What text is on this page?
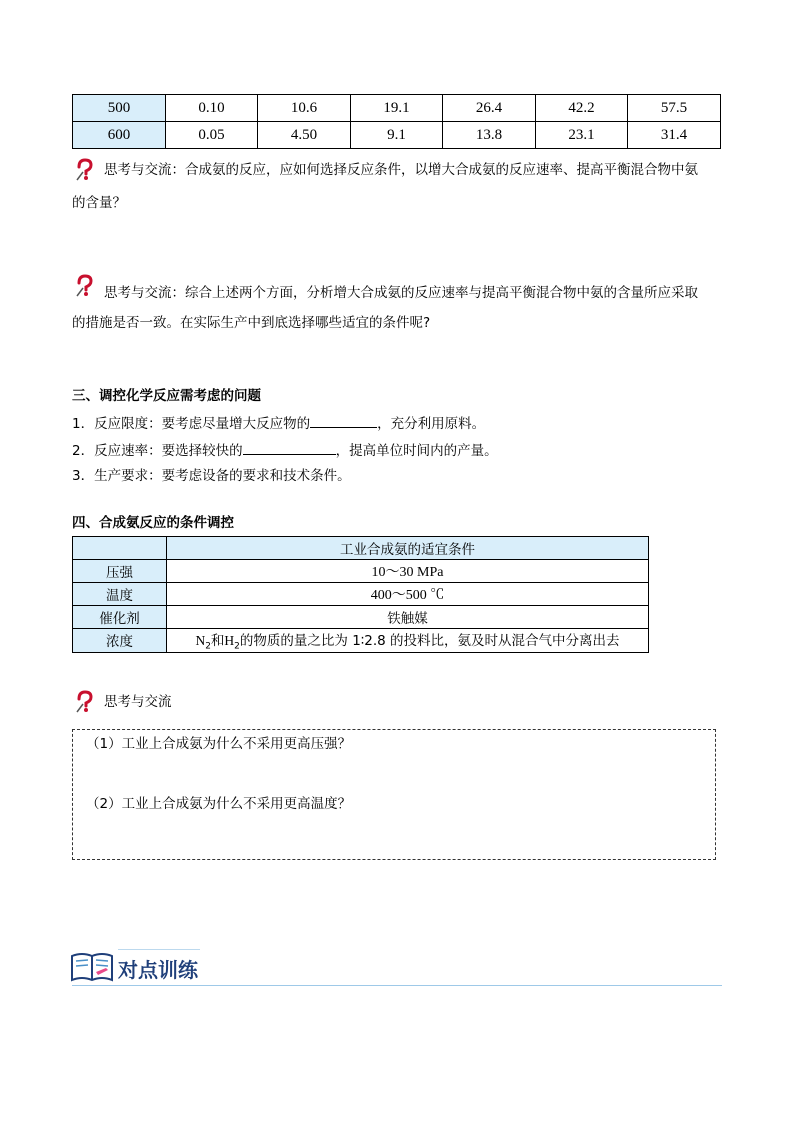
500	0.10	10.6	19.1	26.4	42.2	57.5
600	0.05	4.50	9.1	13.8	23.1	31.4
思考与交流：合成氨的反应，应如何选择反应条件，以增大合成氨的反应速率、提高平衡混合物中氨
的含量？
思考与交流：综合上述两个方面，分析增大合成氨的反应速率与提高平衡混合物中氨的含量所应采取
的措施是否一致。在实际生产中到底选择哪些适宜的条件呢?
三、调控化学反应需考虑的问题
1．反应限度：要考虑尽量增大反应物的	，充分利用原料。
2．反应速率：要选择较快的	，提高单位时间内的产量。
3．生产要求：要考虑设备的要求和技术条件。
四、合成氨反应的条件调控
	工业合成氨的适宜条件
压强	10～30 MPa
温度	400～500 ℃
催化剂	铁触媒
浓度	$N_2$和$H_2$的物质的量之比为 1∶2.8 的投料比，氨及时从混合气中分离出去
思考与交流
（1）工业上合成氨为什么不采用更高压强？
（2）工业上合成氨为什么不采用更高温度？
对点训练
